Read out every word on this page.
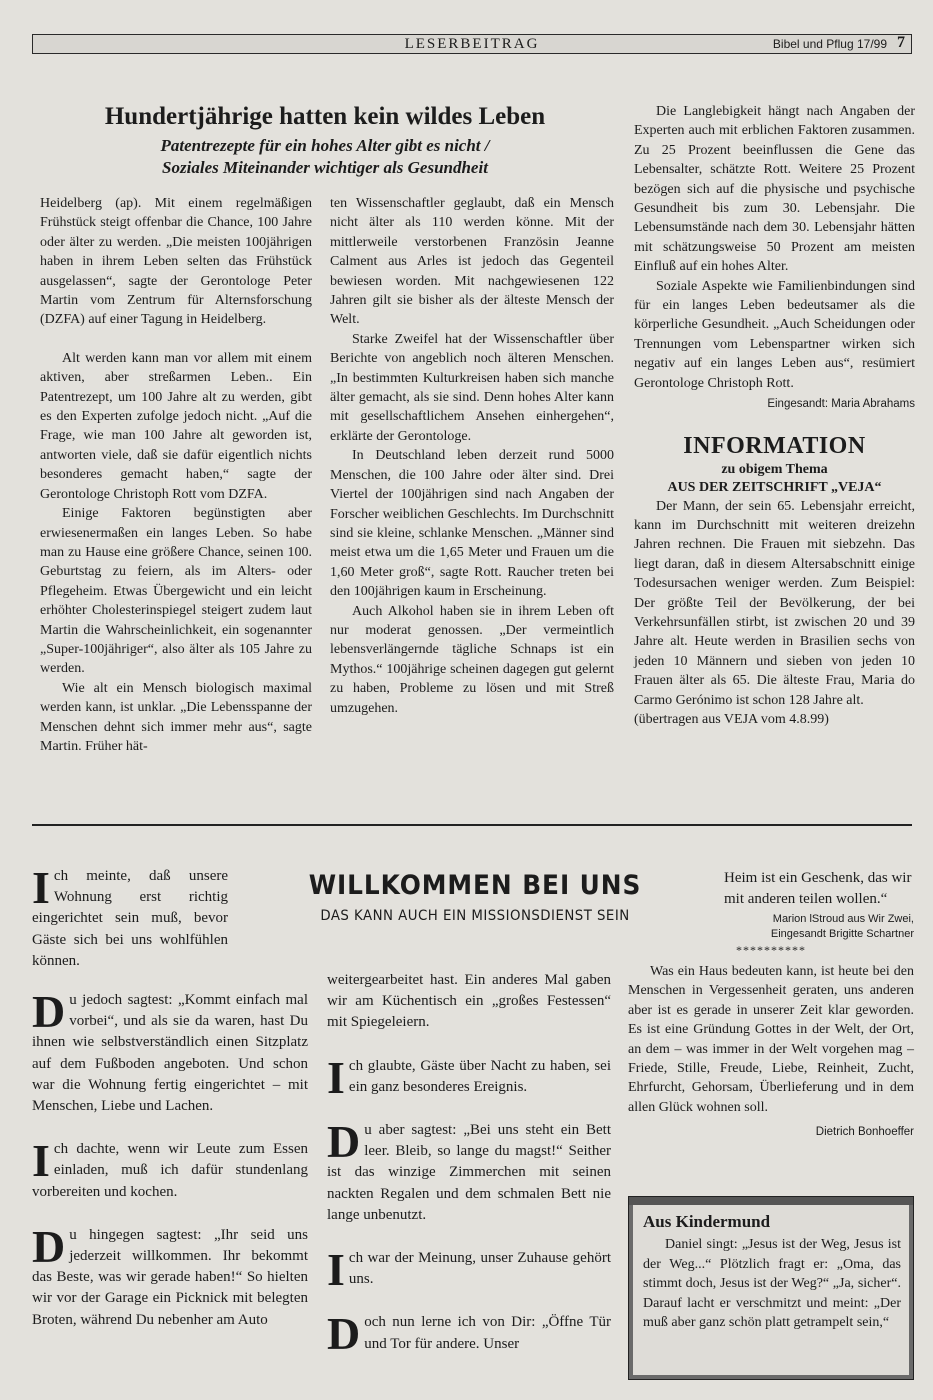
LESERBEITRAG	Bibel und Pflug 17/99 7
Hundertjährige hatten kein wildes Leben
Patentrezepte für ein hohes Alter gibt es nicht /
Soziales Miteinander wichtiger als Gesundheit

Heidelberg (ap). Mit einem regelmäßigen Frühstück steigt offenbar die Chance, 100 Jahre oder älter zu werden. „Die meisten 100jährigen haben in ihrem Leben selten das Frühstück ausgelassen“, sagte der Gerontologe Peter Martin vom Zentrum für Alternsforschung (DZFA) auf einer Tagung in Heidelberg.

Alt werden kann man vor allem mit einem aktiven, aber streßarmen Leben.. Ein Patentrezept, um 100 Jahre alt zu werden, gibt es den Experten zufolge jedoch nicht. „Auf die Frage, wie man 100 Jahre alt geworden ist, antworten viele, daß sie dafür eigentlich nichts besonderes gemacht haben,“ sagte der Gerontologe Christoph Rott vom DZFA.

Einige Faktoren begünstigten aber erwiesenermaßen ein langes Leben. So habe man zu Hause eine größere Chance, seinen 100. Geburtstag zu feiern, als im Alters- oder Pflegeheim. Etwas Übergewicht und ein leicht erhöhter Cholesterinspiegel steigert zudem laut Martin die Wahrscheinlichkeit, ein sogenannter „Super-100jähriger“, also älter als 105 Jahre zu werden.

Wie alt ein Mensch biologisch maximal werden kann, ist unklar. „Die Lebensspanne der Menschen dehnt sich immer mehr aus“, sagte Martin. Früher hät-

ten Wissenschaftler geglaubt, daß ein Mensch nicht älter als 110 werden könne. Mit der mittlerweile verstorbenen Französin Jeanne Calment aus Arles ist jedoch das Gegenteil bewiesen worden. Mit nachgewiesenen 122 Jahren gilt sie bisher als der älteste Mensch der Welt.

Starke Zweifel hat der Wissenschaftler über Berichte von angeblich noch älteren Menschen. „In bestimmten Kulturkreisen haben sich manche älter gemacht, als sie sind. Denn hohes Alter kann mit gesellschaftlichem Ansehen einhergehen“, erklärte der Gerontologe.

In Deutschland leben derzeit rund 5000 Menschen, die 100 Jahre oder älter sind. Drei Viertel der 100jährigen sind nach Angaben der Forscher weiblichen Geschlechts. Im Durchschnitt sind sie kleine, schlanke Menschen. „Männer sind meist etwa um die 1,65 Meter und Frauen um die 1,60 Meter groß“, sagte Rott. Raucher treten bei den 100jährigen kaum in Erscheinung.

Auch Alkohol haben sie in ihrem Leben oft nur moderat genossen. „Der vermeintlich lebensverlängernde tägliche Schnaps ist ein Mythos.“ 100jährige scheinen dagegen gut gelernt zu haben, Probleme zu lösen und mit Streß umzugehen.

Die Langlebigkeit hängt nach Angaben der Experten auch mit erblichen Faktoren zusammen. Zu 25 Prozent beeinflussen die Gene das Lebensalter, schätzte Rott. Weitere 25 Prozent bezögen sich auf die physische und psychische Gesundheit bis zum 30. Lebensjahr. Die Lebensumstände nach dem 30. Lebensjahr hätten mit schätzungsweise 50 Prozent am meisten Einfluß auf ein hohes Alter.

Soziale Aspekte wie Familienbindungen sind für ein langes Leben bedeutsamer als die körperliche Gesundheit. „Auch Scheidungen oder Trennungen vom Lebenspartner wirken sich negativ auf ein langes Leben aus“, resümiert Gerontologe Christoph Rott.

Eingesandt: Maria Abrahams
INFORMATION
zu obigem Thema
AUS DER ZEITSCHRIFT „VEJA“

Der Mann, der sein 65. Lebensjahr erreicht, kann im Durchschnitt mit weiteren dreizehn Jahren rechnen. Die Frauen mit siebzehn. Das liegt daran, daß in diesem Altersabschnitt einige Todesursachen weniger werden. Zum Beispiel: Der größte Teil der Bevölkerung, der bei Verkehrsunfällen stirbt, ist zwischen 20 und 39 Jahre alt. Heute werden in Brasilien sechs von jeden 10 Männern und sieben von jeden 10 Frauen älter als 65. Die älteste Frau, Maria do Carmo Gerónimo ist schon 128 Jahre alt.

(übertragen aus VEJA vom 4.8.99)

WILLKOMMEN BEI UNS
DAS KANN AUCH EIN MISSIONSDIENST SEIN

Ich meinte, daß unsere Wohnung erst richtig eingerichtet sein muß, bevor Gäste sich bei uns wohlfühlen können.

Du jedoch sagtest: „Kommt einfach mal vorbei“, und als sie da waren, hast Du ihnen wie selbstverständlich einen Sitzplatz auf dem Fußboden angeboten. Und schon war die Wohnung fertig eingerichtet – mit Menschen, Liebe und Lachen.

Ich dachte, wenn wir Leute zum Essen einladen, muß ich dafür stundenlang vorbereiten und kochen.

Du hingegen sagtest: „Ihr seid uns jederzeit willkommen. Ihr bekommt das Beste, was wir gerade haben!“ So hielten wir vor der Garage ein Picknick mit belegten Broten, während Du nebenher am Auto

weitergearbeitet hast. Ein anderes Mal gaben wir am Küchentisch ein „großes Festessen“ mit Spiegeleiern.

Ich glaubte, Gäste über Nacht zu haben, sei ein ganz besonderes Ereignis.

Du aber sagtest: „Bei uns steht ein Bett leer. Bleib, so lange du magst!“ Seither ist das winzige Zimmerchen mit seinen nackten Regalen und dem schmalen Bett nie lange unbenutzt.

Ich war der Meinung, unser Zuhause gehört uns.

Doch nun lerne ich von Dir: „Öffne Tür und Tor für andere. Unser

Heim ist ein Geschenk, das wir mit anderen teilen wollen.“

Marion lStroud aus Wir Zwei, Eingesandt Brigitte Schartner
**********

Was ein Haus bedeuten kann, ist heute bei den Menschen in Vergessenheit geraten, uns anderen aber ist es gerade in unserer Zeit klar geworden. Es ist eine Gründung Gottes in der Welt, der Ort, an dem – was immer in der Welt vorgehen mag – Friede, Stille, Freude, Liebe, Reinheit, Zucht, Ehrfurcht, Gehorsam, Überlieferung und in dem allen Glück wohnen soll.

Dietrich Bonhoeffer
Aus Kindermund

Daniel singt: „Jesus ist der Weg, Jesus ist der Weg...“ Plötzlich fragt er: „Oma, das stimmt doch, Jesus ist der Weg?“ „Ja, sicher“. Darauf lacht er verschmitzt und meint: „Der muß aber ganz schön platt getrampelt sein,“
